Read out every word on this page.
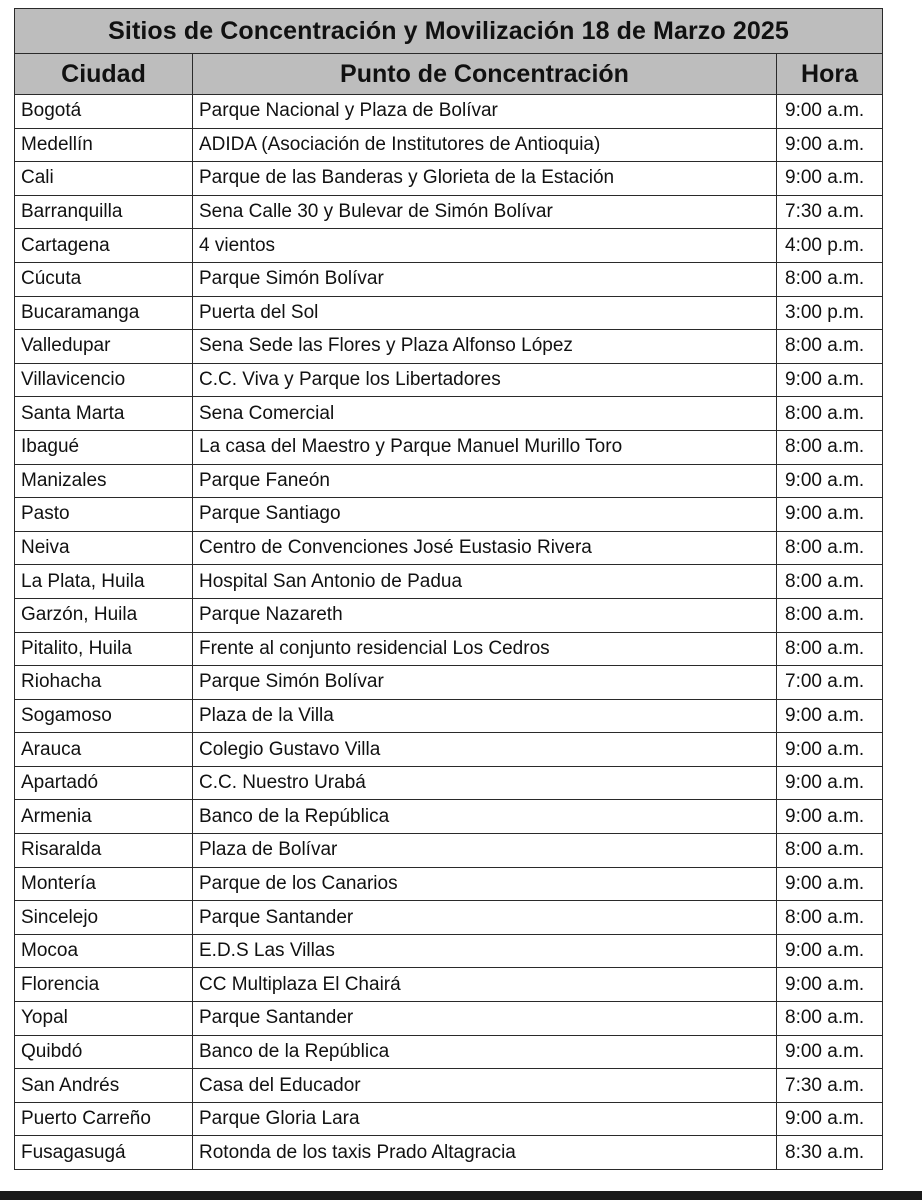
Sitios de Concentración y Movilización 18 de Marzo 2025		
Ciudad	Punto de Concentración	Hora
Bogotá	Parque Nacional y Plaza de Bolívar	9:00 a.m.
Medellín	ADIDA (Asociación de Institutores de Antioquia)	9:00 a.m.
Cali	Parque de las Banderas y Glorieta de la Estación	9:00 a.m.
Barranquilla	Sena Calle 30 y Bulevar de Simón Bolívar	7:30 a.m.
Cartagena	4 vientos	4:00 p.m.
Cúcuta	Parque Simón Bolívar	8:00 a.m.
Bucaramanga	Puerta del Sol	3:00 p.m.
Valledupar	Sena Sede las Flores y Plaza Alfonso López	8:00 a.m.
Villavicencio	C.C. Viva y Parque los Libertadores	9:00 a.m.
Santa Marta	Sena Comercial	8:00 a.m.
Ibagué	La casa del Maestro y Parque Manuel Murillo Toro	8:00 a.m.
Manizales	Parque Faneón	9:00 a.m.
Pasto	Parque Santiago	9:00 a.m.
Neiva	Centro de Convenciones José Eustasio Rivera	8:00 a.m.
La Plata, Huila	Hospital San Antonio de Padua	8:00 a.m.
Garzón, Huila	Parque Nazareth	8:00 a.m.
Pitalito, Huila	Frente al conjunto residencial Los Cedros	8:00 a.m.
Riohacha	Parque Simón Bolívar	7:00 a.m.
Sogamoso	Plaza de la Villa	9:00 a.m.
Arauca	Colegio Gustavo Villa	9:00 a.m.
Apartadó	C.C. Nuestro Urabá	9:00 a.m.
Armenia	Banco de la República	9:00 a.m.
Risaralda	Plaza de Bolívar	8:00 a.m.
Montería	Parque de los Canarios	9:00 a.m.
Sincelejo	Parque Santander	8:00 a.m.
Mocoa	E.D.S Las Villas	9:00 a.m.
Florencia	CC Multiplaza El Chairá	9:00 a.m.
Yopal	Parque Santander	8:00 a.m.
Quibdó	Banco de la República	9:00 a.m.
San Andrés	Casa del Educador	7:30 a.m.
Puerto Carreño	Parque Gloria Lara	9:00 a.m.
Fusagasugá	Rotonda de los taxis Prado Altagracia	8:30 a.m.
